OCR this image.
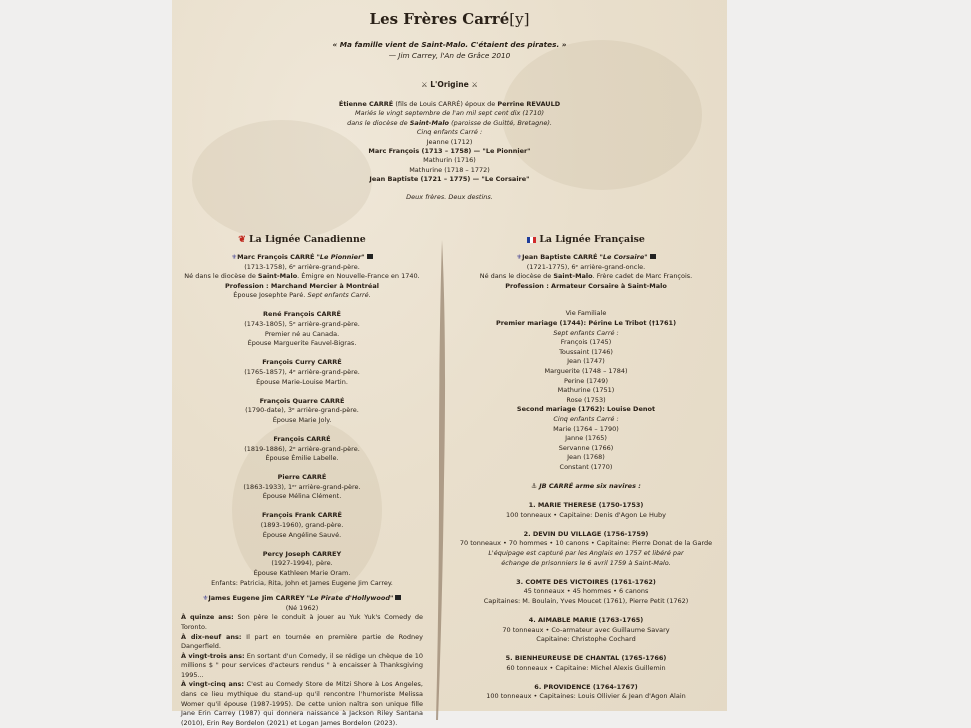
Les Frères Carré[y]
« Ma famille vient de Saint-Malo. C'étaient des pirates. »
— Jim Carrey, l'An de Grâce 2010
⚔ L'Origine ⚔
Étienne CARRÉ (fils de Louis CARRÉ) époux de Perrine REVAULD
Mariés le vingt septembre de l'an mil sept cent dix (1710)
dans le diocèse de Saint-Malo (paroisse de Guitté, Bretagne).
Cinq enfants Carré :
Jeanne (1712)
Marc François (1713 – 1758) — "Le Pionnier"
Mathurin (1716)
Mathurine (1718 – 1772)
Jean Baptiste (1721 – 1775) — "Le Corsaire"
Deux frères. Deux destins.
❦ La Lignée Canadienne
⚜Marc François CARRÉ "Le Pionnier"
(1713-1758), 6ᵉ arrière-grand-père.
Né dans le diocèse de Saint-Malo. Émigre en Nouvelle-France en 1740.
Profession : Marchand Mercier à Montréal
Épouse Josephte Paré. Sept enfants Carré.
René François CARRÉ
(1743-1805), 5ᵉ arrière-grand-père.
Premier né au Canada.
Épouse Marguerite Fauvel-Bigras.
François Curry CARRÉ
(1765-1857), 4ᵉ arrière-grand-père.
Épouse Marie-Louise Martin.
François Quarre CARRÉ
(1790-date), 3ᵉ arrière-grand-père.
Épouse Marie Joly.
François CARRÉ
(1819-1886), 2ᵉ arrière-grand-père.
Épouse Émilie Labelle.
Pierre CARRÉ
(1863-1933), 1ᵉʳ arrière-grand-père.
Épouse Mélina Clément.
François Frank CARRÉ
(1893-1960), grand-père.
Épouse Angéline Sauvé.
Percy Joseph CARREY
(1927-1994), père.
Épouse Kathleen Marie Oram.
Enfants: Patricia, Rita, John et James Eugene Jim Carrey.
⚜James Eugene Jim CARREY "Le Pirate d'Hollywood"
(Né 1962)
À quinze ans: Son père le conduit à jouer au Yuk Yuk's Comedy de Toronto.
À dix-neuf ans: Il part en tournée en première partie de Rodney Dangerfield.
À vingt-trois ans: En sortant d'un Comedy, il se rédige un chèque de 10 millions $ " pour services d'acteurs rendus " à encaisser à Thanksgiving 1995...
À vingt-cinq ans: C'est au Comedy Store de Mitzi Shore à Los Angeles, dans ce lieu mythique du stand-up qu'il rencontre l'humoriste Melissa Womer qu'il épouse (1987-1995). De cette union naîtra son unique fille Jane Erin Carrey (1987) qui donnera naissance à Jackson Riley Santana (2010), Erin Rey Bordelon (2021) et Logan James Bordelon (2023).
La Lignée Française
⚜Jean Baptiste CARRÉ "Le Corsaire"
(1721-1775), 6ᵉ arrière-grand-oncle.
Né dans le diocèse de Saint-Malo. Frère cadet de Marc François.
Profession : Armateur Corsaire à Saint-Malo
Vie Familiale
Premier mariage (1744): Périne Le Tribot (†1761)
Sept enfants Carré :
François (1745)
Toussaint (1746)
Jean (1747)
Marguerite (1748 – 1784)
Perine (1749)
Mathurine (1751)
Rose (1753)
Second mariage (1762): Louise Denot
Cinq enfants Carré :
Marie (1764 – 1790)
Janne (1765)
Servanne (1766)
Jean (1768)
Constant (1770)
⚓ JB CARRÉ arme six navires :
1. MARIE THERESE (1750-1753)
100 tonneaux • Capitaine: Denis d'Agon Le Huby
2. DEVIN DU VILLAGE (1756-1759)
70 tonneaux • 70 hommes • 10 canons • Capitaine: Pierre Donat de la Garde
L'équipage est capturé par les Anglais en 1757 et libéré par échange de prisonniers le 6 avril 1759 à Saint-Malo.
3. COMTE DES VICTOIRES (1761-1762)
45 tonneaux • 45 hommes • 6 canons
Capitaines: M. Boulain, Yves Moucet (1761), Pierre Petit (1762)
4. AIMABLE MARIE (1763-1765)
70 tonneaux • Co-armateur avec Guillaume Savary
Capitaine: Christophe Cochard
5. BIENHEUREUSE DE CHANTAL (1765-1766)
60 tonneaux • Capitaine: Michel Alexis Guillemin
6. PROVIDENCE (1764-1767)
100 tonneaux • Capitaines: Louis Ollivier & Jean d'Agon Alain
